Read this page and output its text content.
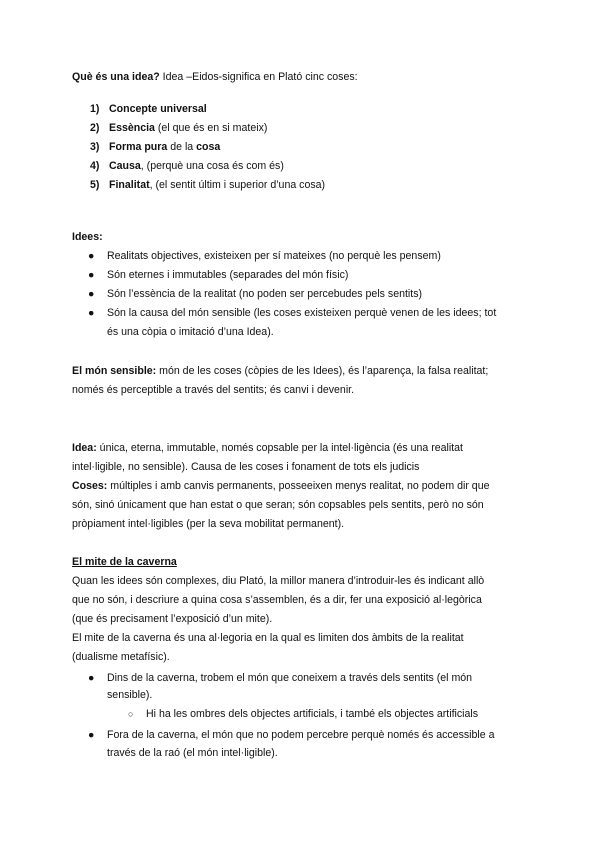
Què és una idea? Idea –Eidos-significa en Plató cinc coses:
1) Concepte universal
2) Essència (el que és en si mateix)
3) Forma pura de la cosa
4) Causa, (perquè una cosa és com és)
5) Finalitat, (el sentit últim i superior d’una cosa)
Idees:
● Realitats objectives, existeixen per sí mateixes (no perquè les pensem)
● Són eternes i immutables (separades del món físic)
● Són l’essència de la realitat (no poden ser percebudes pels sentits)
● Són la causa del món sensible (les coses existeixen perquè venen de les idees; tot
és una còpia o imitació d’una Idea).
El món sensible: món de les coses (còpies de les Idees), és l’aparença, la falsa realitat;
només és perceptible a través del sentits; és canvi i devenir.
Idea: única, eterna, immutable, només copsable per la intel·ligència (és una realitat
intel·ligible, no sensible). Causa de les coses i fonament de tots els judicis
Coses: múltiples i amb canvis permanents, posseeixen menys realitat, no podem dir que
són, sinó únicament que han estat o que seran; són copsables pels sentits, però no són
pròpiament intel·ligibles (per la seva mobilitat permanent).
El mite de la caverna
Quan les idees són complexes, diu Plató, la millor manera d’introduir-les és indicant allò
que no són, i descriure a quina cosa s’assemblen, és a dir, fer una exposició al·legòrica
(que és precisament l’exposició d’un mite).
El mite de la caverna és una al·legoria en la qual es limiten dos àmbits de la realitat
(dualisme metafísic).
● Dins de la caverna, trobem el món que coneixem a través dels sentits (el món
sensible).
○ Hi ha les ombres dels objectes artificials, i també els objectes artificials
● Fora de la caverna, el món que no podem percebre perquè només és accessible a
través de la raó (el món intel·ligible).
